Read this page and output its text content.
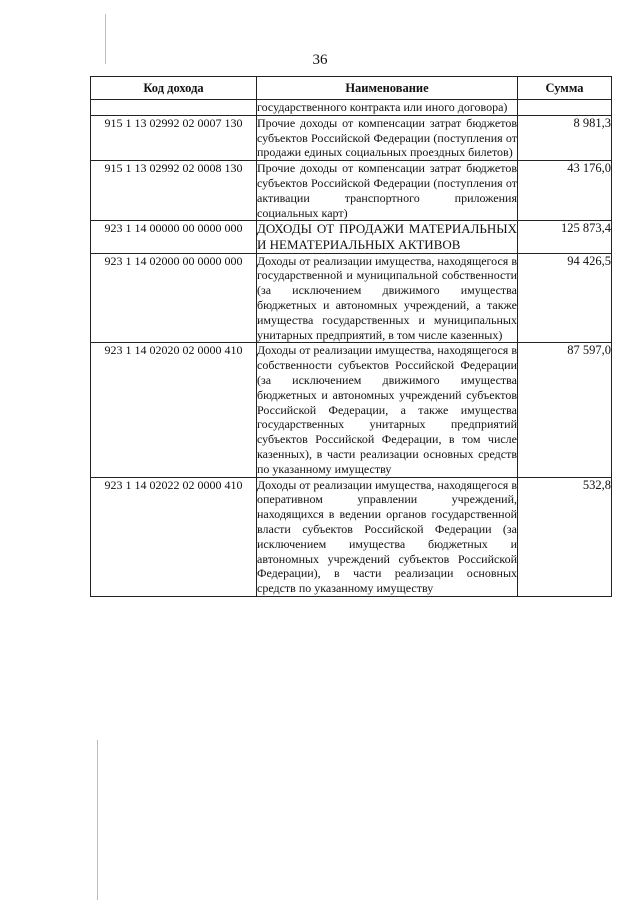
36
Код дохода	Наименование	Сумма
	государственного контракта или иного договора)	
915 1 13 02992 02 0007 130	Прочие доходы от компенсации затрат бюджетов субъектов Российской Федерации (поступления от продажи единых социальных проездных билетов)	8 981,3
915 1 13 02992 02 0008 130	Прочие доходы от компенсации затрат бюджетов субъектов Российской Федерации (поступления от активации транспортного приложения социальных карт)	43 176,0
923 1 14 00000 00 0000 000	ДОХОДЫ ОТ ПРОДАЖИ МАТЕРИАЛЬНЫХ И НЕМАТЕРИАЛЬНЫХ АКТИВОВ	125 873,4
923 1 14 02000 00 0000 000	Доходы от реализации имущества, находящегося в государственной и муниципальной собственности (за исключением движимого имущества бюджетных и автономных учреждений, а также имущества государственных и муниципальных унитарных предприятий, в том числе казенных)	94 426,5
923 1 14 02020 02 0000 410	Доходы от реализации имущества, находящегося в собственности субъектов Российской Федерации (за исключением движимого имущества бюджетных и автономных учреждений субъектов Российской Федерации, а также имущества государственных унитарных предприятий субъектов Российской Федерации, в том числе казенных), в части реализации основных средств по указанному имуществу	87 597,0
923 1 14 02022 02 0000 410	Доходы от реализации имущества, находящегося в оперативном управлении учреждений, находящихся в ведении органов государственной власти субъектов Российской Федерации (за исключением имущества бюджетных и автономных учреждений субъектов Российской Федерации), в части реализации основных средств по указанному имуществу	532,8
